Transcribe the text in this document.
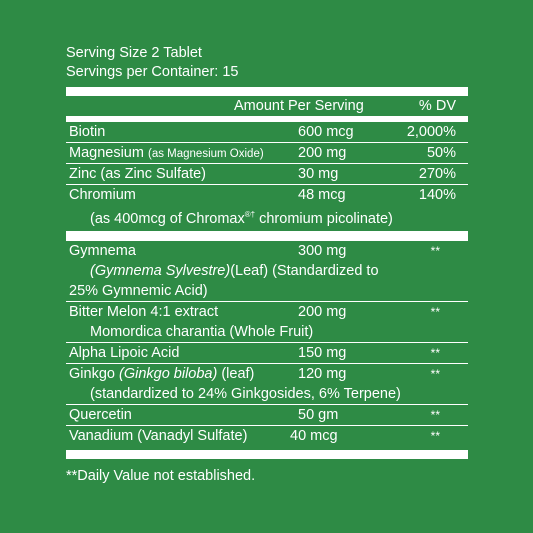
Serving Size 2 Tablet
Servings per Container: 15
Amount Per Serving	% DV
Biotin	600 mcg	2,000%
Magnesium (as Magnesium Oxide) 200 mg	50%
Zinc (as Zinc Sulfate)	30 mg	270%
Chromium	48 mcg	140%
(as 400mcg of Chromax®† chromium picolinate)
Gymnema	300 mg	**
(Gymnema Sylvestre)(Leaf) (Standardized to
25% Gymnemic Acid)
Bitter Melon 4:1 extract	200 mg	**
Momordica charantia (Whole Fruit)
Alpha Lipoic Acid	150 mg	**
Ginkgo (Ginkgo biloba) (leaf)	120 mg	**
(standardized to 24% Ginkgosides, 6% Terpene)
Quercetin	50 gm	**
Vanadium (Vanadyl Sulfate)	40 mcg	**
**Daily Value not established.
